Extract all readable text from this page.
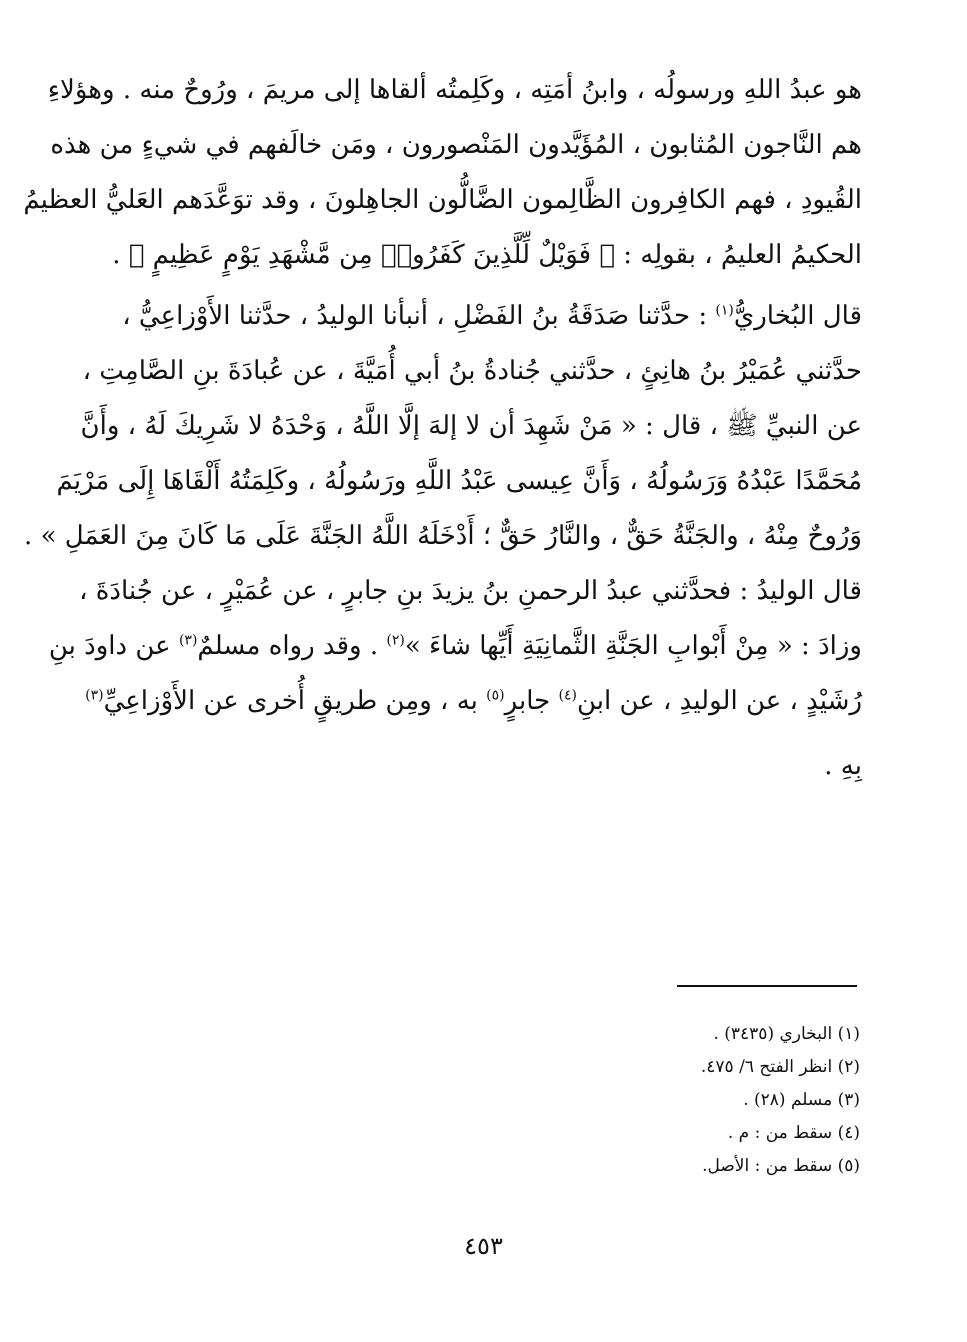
هو عبدُ اللهِ ورسولُه ، وابنُ أمَتِه ، وكَلِمتُه ألقاها إلى مريمَ ، ورُوحٌ منه . وهؤلاءِ
هم النَّاجون المُثابون ، المُؤَيَّدون المَنْصورون ، ومَن خالَفهم في شيءٍ من هذه
القُيودِ ، فهم الكافِرون الظَّالِمون الضَّالُّون الجاهِلونَ ، وقد توَعَّدَهم العَليُّ العظيمُ
الحكيمُ العليمُ ، بقولِه : ﴿ فَوَيْلٌ لِّلَّذِينَ كَفَرُوا۟ مِن مَّشْهَدِ يَوْمٍ عَظِيمٍ ﴾ .
قال البُخاريُّ$^{(١)}$ : حدَّثنا صَدَقَةُ بنُ الفَضْلِ ، أنبأنا الوليدُ ، حدَّثنا الأَوْزاعِيُّ ،
حدَّثني عُمَيْرُ بنُ هانِئٍ ، حدَّثني جُنادةُ بنُ أبي أُمَيَّةَ ، عن عُبادَةَ بنِ الصَّامِتِ ،
عن النبيِّ ﷺ ، قال : « مَنْ شَهِدَ أن لا إلهَ إلَّا اللَّهُ ، وَحْدَهُ لا شَرِيكَ لَهُ ، وأَنَّ
مُحَمَّدًا عَبْدُهُ وَرَسُولُهُ ، وَأَنَّ عِيسى عَبْدُ اللَّهِ ورَسُولُهُ ، وكَلِمَتُهُ أَلْقَاهَا إِلَى مَرْيَمَ
وَرُوحٌ مِنْهُ ، والجَنَّةُ حَقٌّ ، والنَّارُ حَقٌّ ؛ أَدْخَلَهُ اللَّهُ الجَنَّةَ عَلَى مَا كَانَ مِنَ العَمَلِ » .
قال الوليدُ : فحدَّثني عبدُ الرحمنِ بنُ يزيدَ بنِ جابرٍ ، عن عُمَيْرٍ ، عن جُنادَةَ ،
وزادَ : « مِنْ أَبْوابِ الجَنَّةِ الثَّمانِيَةِ أَيِّها شاءَ »$^{(٢)}$ . وقد رواه مسلمٌ$^{(٣)}$ عن داودَ بنِ
رُشَيْدٍ ، عن الوليدِ ، عن ابنِ$^{(٤)}$ جابرٍ$^{(٥)}$ به ، ومِن طريقٍ أُخرى عن الأَوْزاعِيِّ$^{(٣)}$
بِهِ .
(١) البخاري (٣٤٣٥) .
(٢) انظر الفتح ٦/ ٤٧٥.
(٣) مسلم (٢٨) .
(٤) سقط من : م .
(٥) سقط من : الأصل.
٤٥٣
